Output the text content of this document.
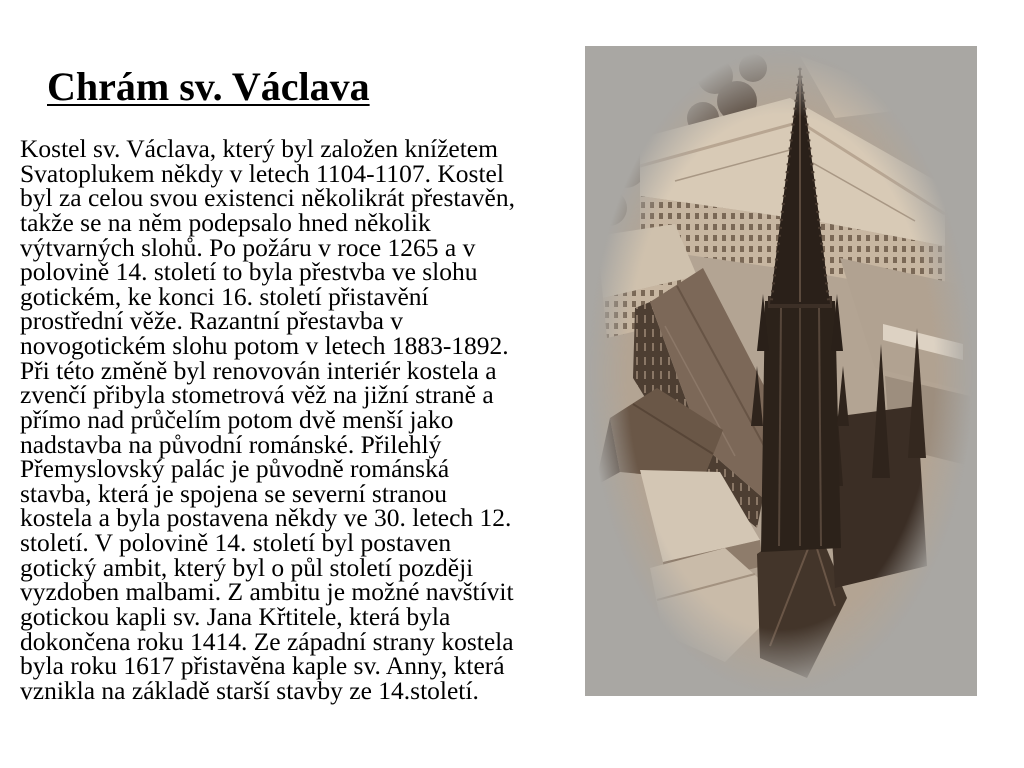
Chrám sv. Václava
Kostel sv. Václava, který byl založen knížetem
Svatoplukem někdy v letech 1104-1107. Kostel
byl za celou svou existenci několikrát přestavěn,
takže se na něm podepsalo hned několik
výtvarných slohů. Po požáru v roce 1265 a v
polovině 14. století to byla přestvba ve slohu
gotickém, ke konci 16. století přistavění
prostřední věže. Razantní přestavba v
novogotickém slohu potom v letech 1883-1892.
Při této změně byl renovován interiér kostela a
zvenčí přibyla stometrová věž na jižní straně a
přímo nad průčelím potom dvě menší jako
nadstavba na původní románské. Přilehlý
Přemyslovský palác je původně románská
stavba, která je spojena se severní stranou
kostela a byla postavena někdy ve 30. letech 12.
století. V polovině 14. století byl postaven
gotický ambit, který byl o půl století později
vyzdoben malbami. Z ambitu je možné navštívit
gotickou kapli sv. Jana Křtitele, která byla
dokončena roku 1414. Ze západní strany kostela
byla roku 1617 přistavěna kaple sv. Anny, která
vznikla na základě starší stavby ze 14.století.
